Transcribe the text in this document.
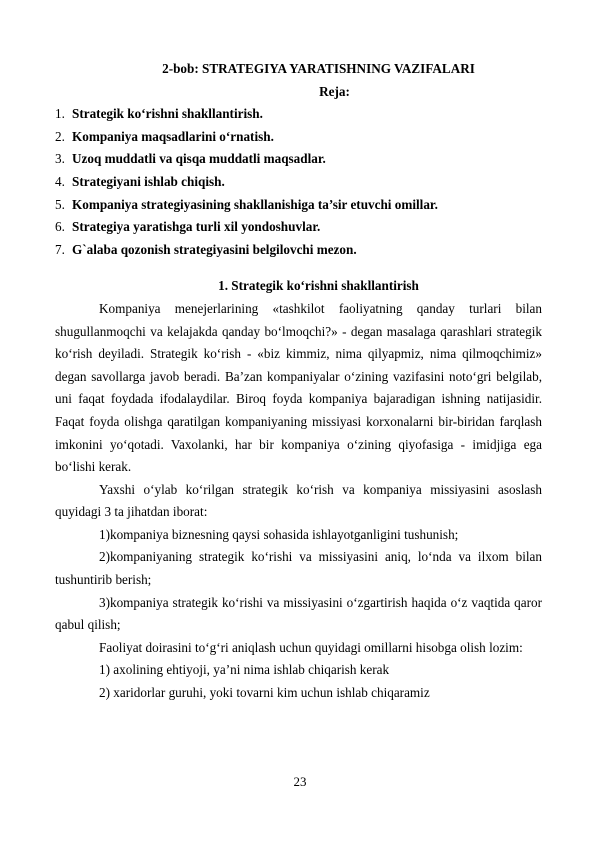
2-bob: STRATEGIYA YARATISHNING VAZIFALARI
Reja:
1. Strategik ko‘rishni shakllantirish.
2. Kompaniya maqsadlarini o‘rnatish.
3. Uzoq muddatli va qisqa muddatli maqsadlar.
4. Strategiyani ishlab chiqish.
5. Kompaniya strategiyasining shakllanishiga ta’sir etuvchi omillar.
6. Strategiya yaratishga turli xil yondoshuvlar.
7. G`alaba qozonish strategiyasini belgilovchi mezon.
1. Strategik ko‘rishni shakllantirish

Kompaniya menejerlarining «tashkilot faoliyatning qanday turlari bilan shugullanmoqchi va kelajakda qanday bo‘lmoqchi?» - degan masalaga qarashlari strategik ko‘rish deyiladi. Strategik ko‘rish - «biz kimmiz, nima qilyapmiz, nima qilmoqchimiz» degan savollarga javob beradi. Ba’zan kompaniyalar o‘zining vazifasini noto‘gri belgilab, uni faqat foydada ifodalaydilar. Biroq foyda kompaniya bajaradigan ishning natijasidir. Faqat foyda olishga qaratilgan kompaniyaning missiyasi korxonalarni bir-biridan farqlash imkonini yo‘qotadi. Vaxolanki, har bir kompaniya o‘zining qiyofasiga - imidjiga ega bo‘lishi kerak.

Yaxshi o‘ylab ko‘rilgan strategik ko‘rish va kompaniya missiyasini asoslash quyidagi 3 ta jihatdan iborat:

1)kompaniya biznesning qaysi sohasida ishlayotganligini tushunish;

2)kompaniyaning strategik ko‘rishi va missiyasini aniq, lo‘nda va ilxom bilan tushuntirib berish;

3)kompaniya strategik ko‘rishi va missiyasini o‘zgartirish haqida o‘z vaqtida qaror qabul qilish;

Faoliyat doirasini to‘g‘ri aniqlash uchun quyidagi omillarni hisobga olish lozim:

1) axolining ehtiyoji, ya’ni nima ishlab chiqarish kerak

2) xaridorlar guruhi, yoki tovarni kim uchun ishlab chiqaramiz

23
